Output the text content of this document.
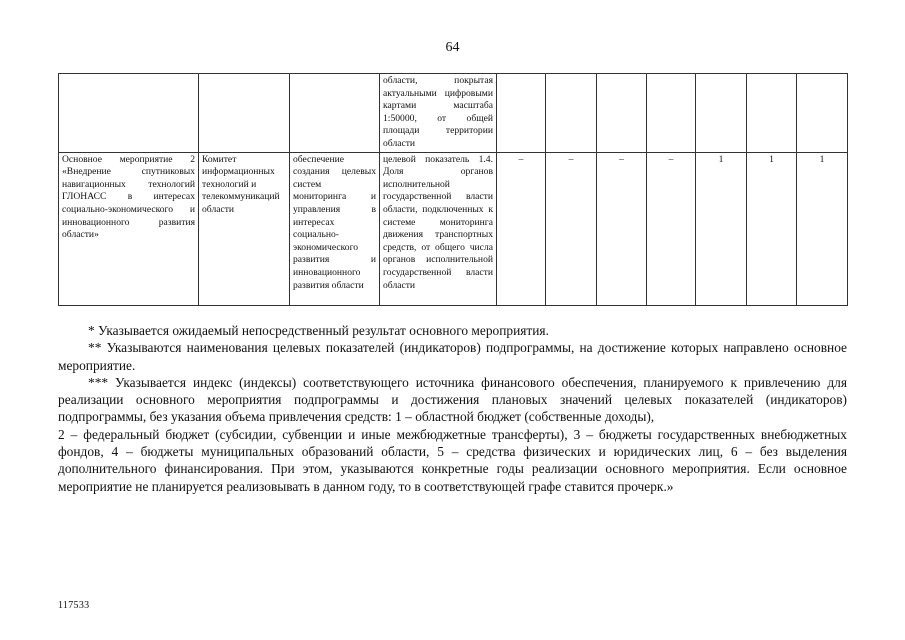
64
			области, покрытая актуальными цифровыми картами масштаба 1:50000, от общей площади территории области							
Основное мероприятие 2 «Внедрение спутниковых навигационных технологий ГЛОНАСС в интересах социально-экономического и инновационного развития области»	Комитет информационных технологий и телекоммуникаций области	обеспечение создания целевых систем мониторинга и управления в интересах социально-экономического развития и инновационного развития области	целевой показатель 1.4. Доля органов исполнительной государственной власти области, подключенных к системе мониторинга движения транспортных средств, от общего числа органов исполнительной государственной власти области	–	–	–	–	1	1	1

* Указывается ожидаемый непосредственный результат основного мероприятия.

** Указываются наименования целевых показателей (индикаторов) подпрограммы, на достижение которых направлено основное мероприятие.

*** Указывается индекс (индексы) соответствующего источника финансового обеспечения, планируемого к привлечению для реализации основного мероприятия подпрограммы и достижения плановых значений целевых показателей (индикаторов) подпрограммы, без указания объема привлечения средств: 1 – областной бюджет (собственные доходы),

2 – федеральный бюджет (субсидии, субвенции и иные межбюджетные трансферты), 3 – бюджеты государственных внебюджетных фондов, 4 – бюджеты муниципальных образований области, 5 – средства физических и юридических лиц, 6 – без выделения дополнительного финансирования. При этом, указываются конкретные годы реализации основного мероприятия. Если основное мероприятие не планируется реализовывать в данном году, то в соответствующей графе ставится прочерк.»

117533
